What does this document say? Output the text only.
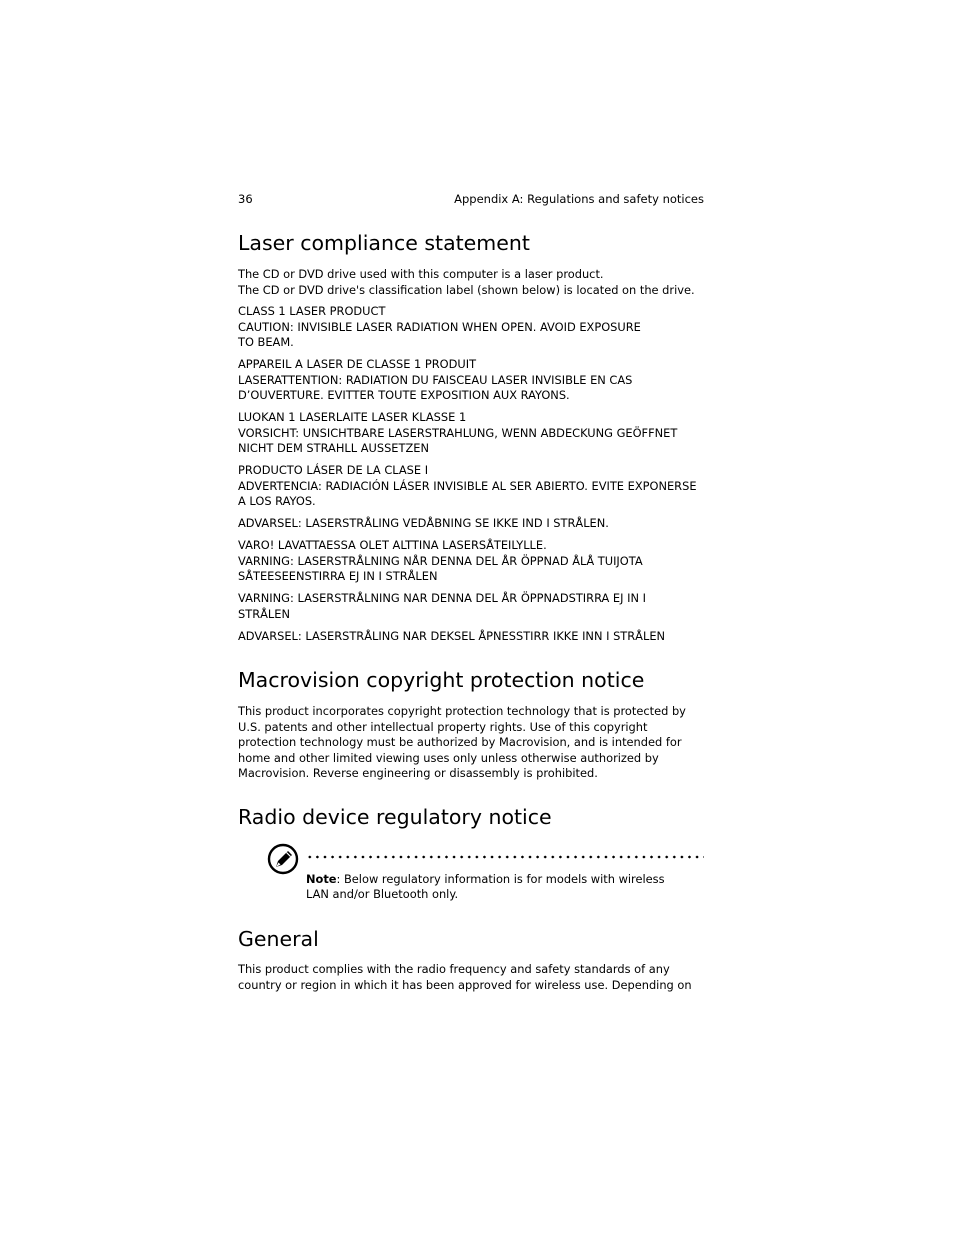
36	Appendix A: Regulations and safety notices
Laser compliance statement

The CD or DVD drive used with this computer is a laser product.
The CD or DVD drive's classification label (shown below) is located on the drive.

CLASS 1 LASER PRODUCT
CAUTION: INVISIBLE LASER RADIATION WHEN OPEN. AVOID EXPOSURE
TO BEAM.

APPAREIL A LASER DE CLASSE 1 PRODUIT
LASERATTENTION: RADIATION DU FAISCEAU LASER INVISIBLE EN CAS
D’OUVERTURE. EVITTER TOUTE EXPOSITION AUX RAYONS.

LUOKAN 1 LASERLAITE LASER KLASSE 1
VORSICHT: UNSICHTBARE LASERSTRAHLUNG, WENN ABDECKUNG GEÖFFNET
NICHT DEM STRAHLL AUSSETZEN

PRODUCTO LÁSER DE LA CLASE I
ADVERTENCIA: RADIACIÓN LÁSER INVISIBLE AL SER ABIERTO. EVITE EXPONERSE
A LOS RAYOS.

ADVARSEL: LASERSTRÅLING VEDÅBNING SE IKKE IND I STRÅLEN.

VARO! LAVATTAESSA OLET ALTTINA LASERSÅTEILYLLE.
VARNING: LASERSTRÅLNING NÅR DENNA DEL ÅR ÖPPNAD ÅLÅ TUIJOTA
SÅTEESEENSTIRRA EJ IN I STRÅLEN

VARNING: LASERSTRÅLNING NAR DENNA DEL ÅR ÖPPNADSTIRRA EJ IN I
STRÅLEN

ADVARSEL: LASERSTRÅLING NAR DEKSEL ÅPNESSTIRR IKKE INN I STRÅLEN

Macrovision copyright protection notice

This product incorporates copyright protection technology that is protected by
U.S. patents and other intellectual property rights. Use of this copyright
protection technology must be authorized by Macrovision, and is intended for
home and other limited viewing uses only unless otherwise authorized by
Macrovision. Reverse engineering or disassembly is prohibited.

Radio device regulatory notice
Note: Below regulatory information is for models with wireless
LAN and/or Bluetooth only.
General

This product complies with the radio frequency and safety standards of any
country or region in which it has been approved for wireless use. Depending on
